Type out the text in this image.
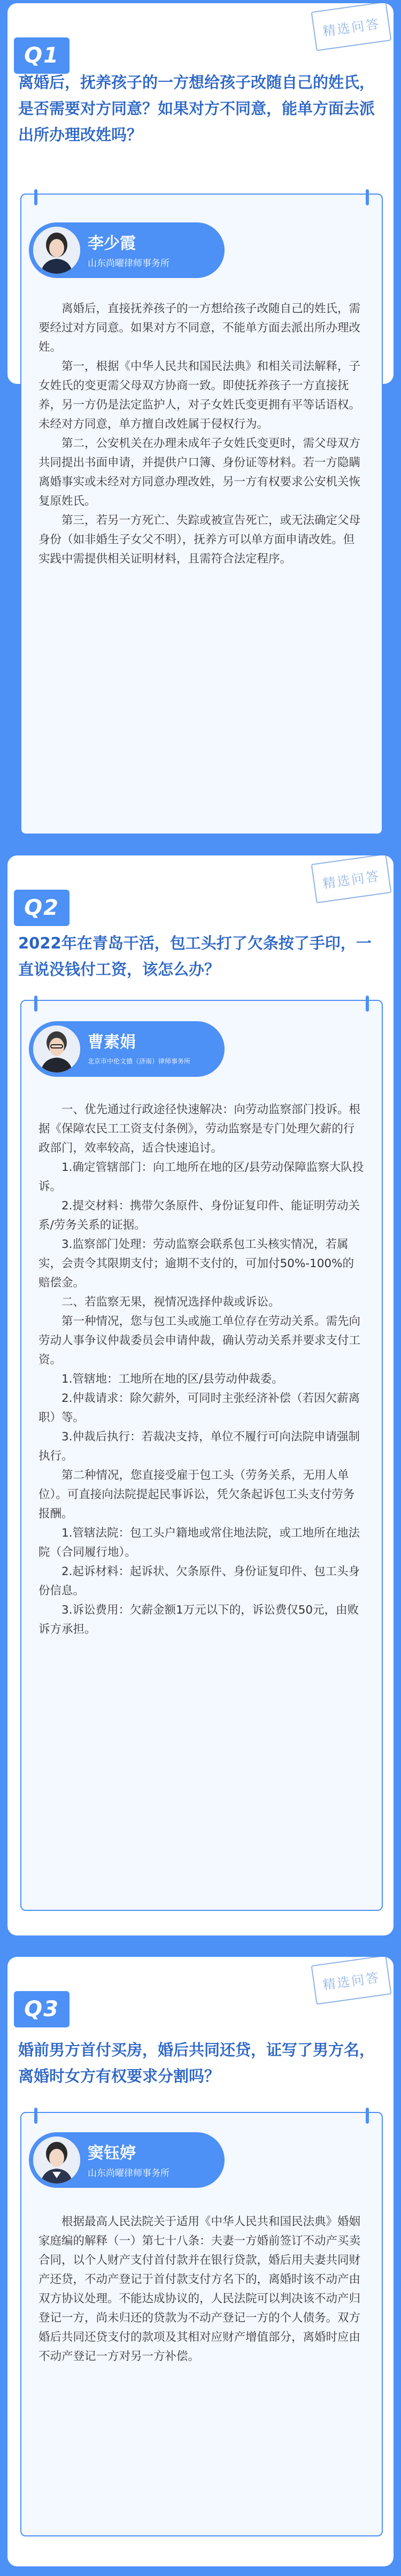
精选问答
Q1
离婚后，抚养孩子的一方想给孩子改随自己的姓氏，是否需要对方同意？如果对方不同意，能单方面去派出所办理改姓吗？
李少霞
山东尚曜律师事务所

离婚后，直接抚养孩子的一方想给孩子改随自己的姓氏，需要经过对方同意。如果对方不同意，不能单方面去派出所办理改姓。

第一，根据《中华人民共和国民法典》和相关司法解释，子女姓氏的变更需父母双方协商一致。即使抚养孩子一方直接抚养，另一方仍是法定监护人，对子女姓氏变更拥有平等话语权。未经对方同意，单方擅自改姓属于侵权行为。

第二，公安机关在办理未成年子女姓氏变更时，需父母双方共同提出书面申请，并提供户口簿、身份证等材料。若一方隐瞒离婚事实或未经对方同意办理改姓，另一方有权要求公安机关恢复原姓氏。

第三，若另一方死亡、失踪或被宣告死亡，或无法确定父母身份（如非婚生子女父不明），抚养方可以单方面申请改姓。但实践中需提供相关证明材料，且需符合法定程序。

精选问答
Q2
2022年在青岛干活，包工头打了欠条按了手印，一直说没钱付工资，该怎么办？
曹素娟
北京市中伦文德（济南）律师事务所

一、优先通过行政途径快速解决：向劳动监察部门投诉。根据《保障农民工工资支付条例》，劳动监察是专门处理欠薪的行政部门，效率较高，适合快速追讨。

1.确定管辖部门：向工地所在地的区/县劳动保障监察大队投诉。

2.提交材料：携带欠条原件、身份证复印件、能证明劳动关系/劳务关系的证据。

3.监察部门处理：劳动监察会联系包工头核实情况，若属实，会责令其限期支付；逾期不支付的，可加付50%-100%的赔偿金。

二、若监察无果，视情况选择仲裁或诉讼。

第一种情况，您与包工头或施工单位存在劳动关系。需先向劳动人事争议仲裁委员会申请仲裁，确认劳动关系并要求支付工资。

1.管辖地：工地所在地的区/县劳动仲裁委。

2.仲裁请求：除欠薪外，可同时主张经济补偿（若因欠薪离职）等。

3.仲裁后执行：若裁决支持，单位不履行可向法院申请强制执行。

第二种情况，您直接受雇于包工头（劳务关系，无用人单位）。可直接向法院提起民事诉讼，凭欠条起诉包工头支付劳务报酬。

1.管辖法院：包工头户籍地或常住地法院，或工地所在地法院（合同履行地）。

2.起诉材料：起诉状、欠条原件、身份证复印件、包工头身份信息。

3.诉讼费用：欠薪金额1万元以下的，诉讼费仅50元，由败诉方承担。

精选问答
Q3
婚前男方首付买房，婚后共同还贷，证写了男方名，离婚时女方有权要求分割吗？
窦钰婷
山东尚曜律师事务所

根据最高人民法院关于适用《中华人民共和国民法典》婚姻家庭编的解释（一）第七十八条：夫妻一方婚前签订不动产买卖合同，以个人财产支付首付款并在银行贷款，婚后用夫妻共同财产还贷，不动产登记于首付款支付方名下的，离婚时该不动产由双方协议处理。不能达成协议的，人民法院可以判决该不动产归登记一方，尚未归还的贷款为不动产登记一方的个人债务。双方婚后共同还贷支付的款项及其相对应财产增值部分，离婚时应由不动产登记一方对另一方补偿。
